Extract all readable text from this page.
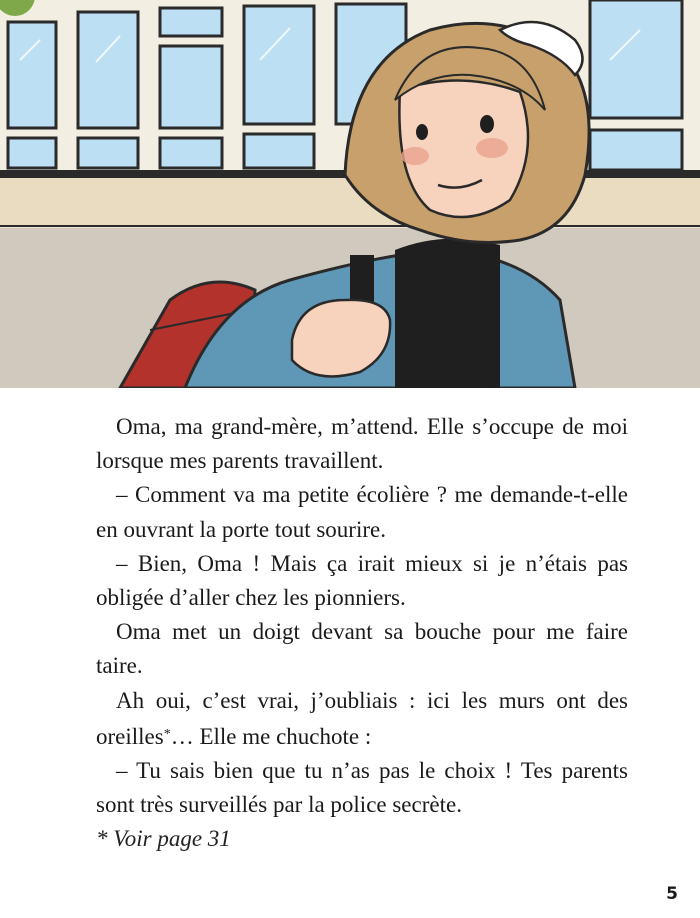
Oma, ma grand-mère, m’attend. Elle s’occupe de moi lorsque mes parents travaillent.

– Comment va ma petite écolière ? me demande-t-elle en ouvrant la porte tout sourire.

– Bien, Oma ! Mais ça irait mieux si je n’étais pas obligée d’aller chez les pionniers.

Oma met un doigt devant sa bouche pour me faire taire.

Ah oui, c’est vrai, j’oubliais : ici les murs ont des oreilles*… Elle me chuchote :

– Tu sais bien que tu n’as pas le choix ! Tes parents sont très surveillés par la police secrète.

* Voir page 31

5
